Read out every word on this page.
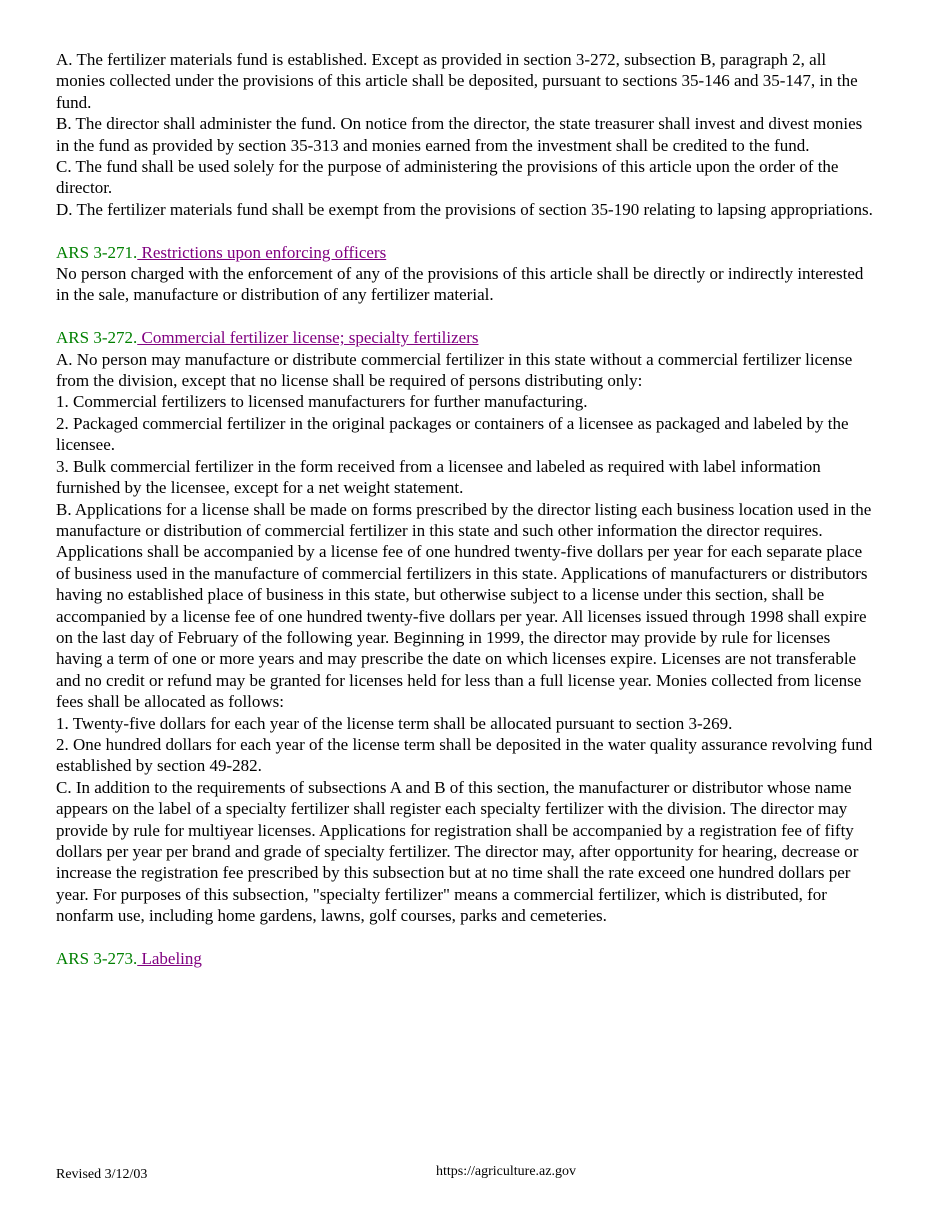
A. The fertilizer materials fund is established. Except as provided in section 3-272, subsection B, paragraph 2, all monies collected under the provisions of this article shall be deposited, pursuant to sections 35-146 and 35-147, in the fund.

B. The director shall administer the fund. On notice from the director, the state treasurer shall invest and divest monies in the fund as provided by section 35-313 and monies earned from the investment shall be credited to the fund.

C. The fund shall be used solely for the purpose of administering the provisions of this article upon the order of the director.

D. The fertilizer materials fund shall be exempt from the provisions of section 35-190 relating to lapsing appropriations.

ARS 3-271. Restrictions upon enforcing officers

No person charged with the enforcement of any of the provisions of this article shall be directly or indirectly interested in the sale, manufacture or distribution of any fertilizer material.

ARS 3-272. Commercial fertilizer license; specialty fertilizers

A. No person may manufacture or distribute commercial fertilizer in this state without a commercial fertilizer license from the division, except that no license shall be required of persons distributing only:

1. Commercial fertilizers to licensed manufacturers for further manufacturing.

2. Packaged commercial fertilizer in the original packages or containers of a licensee as packaged and labeled by the licensee.

3. Bulk commercial fertilizer in the form received from a licensee and labeled as required with label information furnished by the licensee, except for a net weight statement.

B. Applications for a license shall be made on forms prescribed by the director listing each business location used in the manufacture or distribution of commercial fertilizer in this state and such other information the director requires. Applications shall be accompanied by a license fee of one hundred twenty-five dollars per year for each separate place of business used in the manufacture of commercial fertilizers in this state. Applications of manufacturers or distributors having no established place of business in this state, but otherwise subject to a license under this section, shall be accompanied by a license fee of one hundred twenty-five dollars per year. All licenses issued through 1998 shall expire on the last day of February of the following year. Beginning in 1999, the director may provide by rule for licenses having a term of one or more years and may prescribe the date on which licenses expire. Licenses are not transferable and no credit or refund may be granted for licenses held for less than a full license year. Monies collected from license fees shall be allocated as follows:

1. Twenty-five dollars for each year of the license term shall be allocated pursuant to section 3-269.

2. One hundred dollars for each year of the license term shall be deposited in the water quality assurance revolving fund established by section 49-282.

C. In addition to the requirements of subsections A and B of this section, the manufacturer or distributor whose name appears on the label of a specialty fertilizer shall register each specialty fertilizer with the division. The director may provide by rule for multiyear licenses. Applications for registration shall be accompanied by a registration fee of fifty dollars per year per brand and grade of specialty fertilizer. The director may, after opportunity for hearing, decrease or increase the registration fee prescribed by this subsection but at no time shall the rate exceed one hundred dollars per year. For purposes of this subsection, "specialty fertilizer" means a commercial fertilizer, which is distributed, for nonfarm use, including home gardens, lawns, golf courses, parks and cemeteries.

ARS 3-273. Labeling

Revised 3/12/03	https://agriculture.az.gov
